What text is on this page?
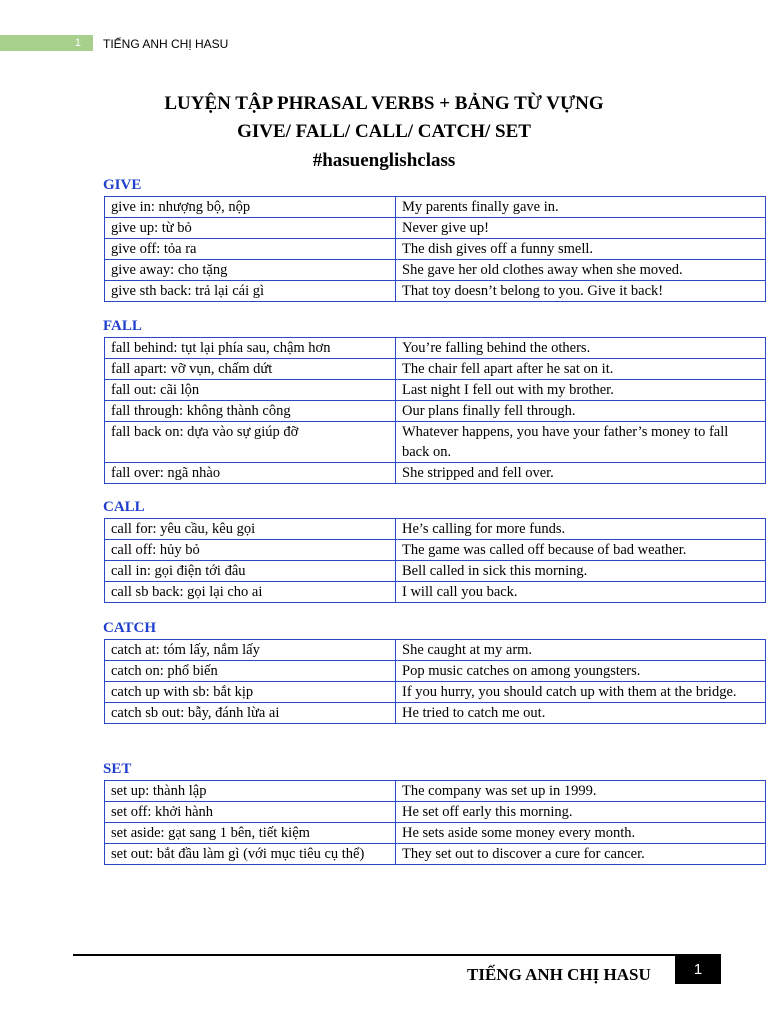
1	TIẾNG ANH CHỊ HASU
LUYỆN TẬP PHRASAL VERBS + BẢNG TỪ VỰNG
GIVE/ FALL/ CALL/ CATCH/ SET
#hasuenglishclass
GIVE
give in: nhượng bộ, nộp	My parents finally gave in.
give up: từ bỏ	Never give up!
give off: tỏa ra	The dish gives off a funny smell.
give away: cho tặng	She gave her old clothes away when she moved.
give sth back: trả lại cái gì	That toy doesn’t belong to you. Give it back!
FALL
fall behind: tụt lại phía sau, chậm hơn	You’re falling behind the others.
fall apart: vỡ vụn, chấm dứt	The chair fell apart after he sat on it.
fall out: cãi lộn	Last night I fell out with my brother.
fall through: không thành công	Our plans finally fell through.
fall back on: dựa vào sự giúp đỡ	Whatever happens, you have your father’s money to fall back on.
fall over: ngã nhào	She stripped and fell over.
CALL
call for: yêu cầu, kêu gọi	He’s calling for more funds.
call off: hủy bỏ	The game was called off because of bad weather.
call in: gọi điện tới đâu	Bell called in sick this morning.
call sb back: gọi lại cho ai	I will call you back.
CATCH
catch at: tóm lấy, nắm lấy	She caught at my arm.
catch on: phổ biến	Pop music catches on among youngsters.
catch up with sb: bắt kịp	If you hurry, you should catch up with them at the bridge.
catch sb out: bẫy, đánh lừa ai	He tried to catch me out.
SET
set up: thành lập	The company was set up in 1999.
set off: khởi hành	He set off early this morning.
set aside: gạt sang 1 bên, tiết kiệm	He sets aside some money every month.
set out: bắt đầu làm gì (với mục tiêu cụ thể)	They set out to discover a cure for cancer.
TIẾNG ANH CHỊ HASU	1
